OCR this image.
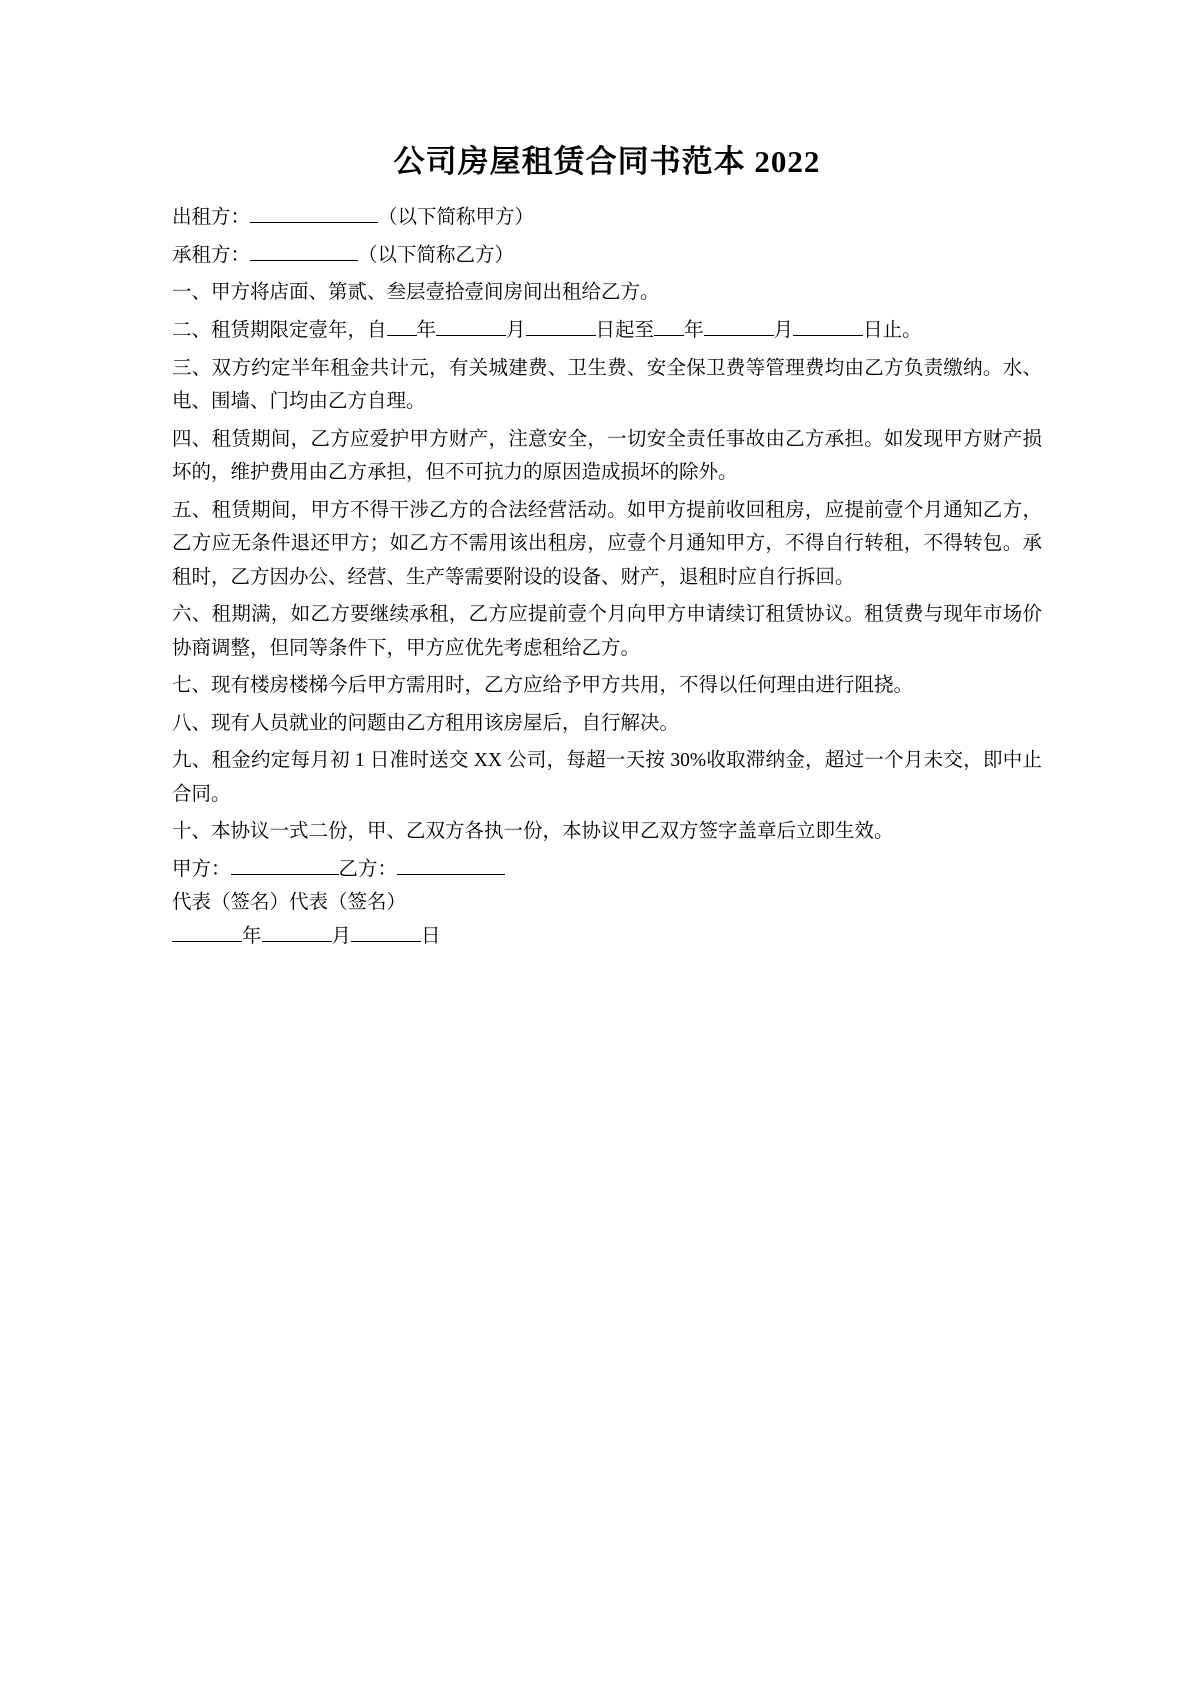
公司房屋租赁合同书范本 2022

出租方：	（以下简称甲方）

承租方：	（以下简称乙方）

一、甲方将店面、第贰、叁层壹拾壹间房间出租给乙方。

二、租赁期限定壹年，自 年	月	日起至 年	月	日止。

三、双方约定半年租金共计元，有关城建费、卫生费、安全保卫费等管理费均由乙方负责缴纳。水、电、围墙、门均由乙方自理。

四、租赁期间，乙方应爱护甲方财产，注意安全，一切安全责任事故由乙方承担。如发现甲方财产损坏的，维护费用由乙方承担，但不可抗力的原因造成损坏的除外。

五、租赁期间，甲方不得干涉乙方的合法经营活动。如甲方提前收回租房，应提前壹个月通知乙方，乙方应无条件退还甲方；如乙方不需用该出租房，应壹个月通知甲方，不得自行转租，不得转包。承租时，乙方因办公、经营、生产等需要附设的设备、财产，退租时应自行拆回。

六、租期满，如乙方要继续承租，乙方应提前壹个月向甲方申请续订租赁协议。租赁费与现年市场价协商调整，但同等条件下，甲方应优先考虑租给乙方。

七、现有楼房楼梯今后甲方需用时，乙方应给予甲方共用，不得以任何理由进行阻挠。

八、现有人员就业的问题由乙方租用该房屋后，自行解决。

九、租金约定每月初 1 日准时送交 XX 公司，每超一天按 30%收取滞纳金，超过一个月未交，即中止合同。

十、本协议一式二份，甲、乙双方各执一份，本协议甲乙双方签字盖章后立即生效。

甲方：	乙方：

代表（签名）代表（签名）

年	月	日
